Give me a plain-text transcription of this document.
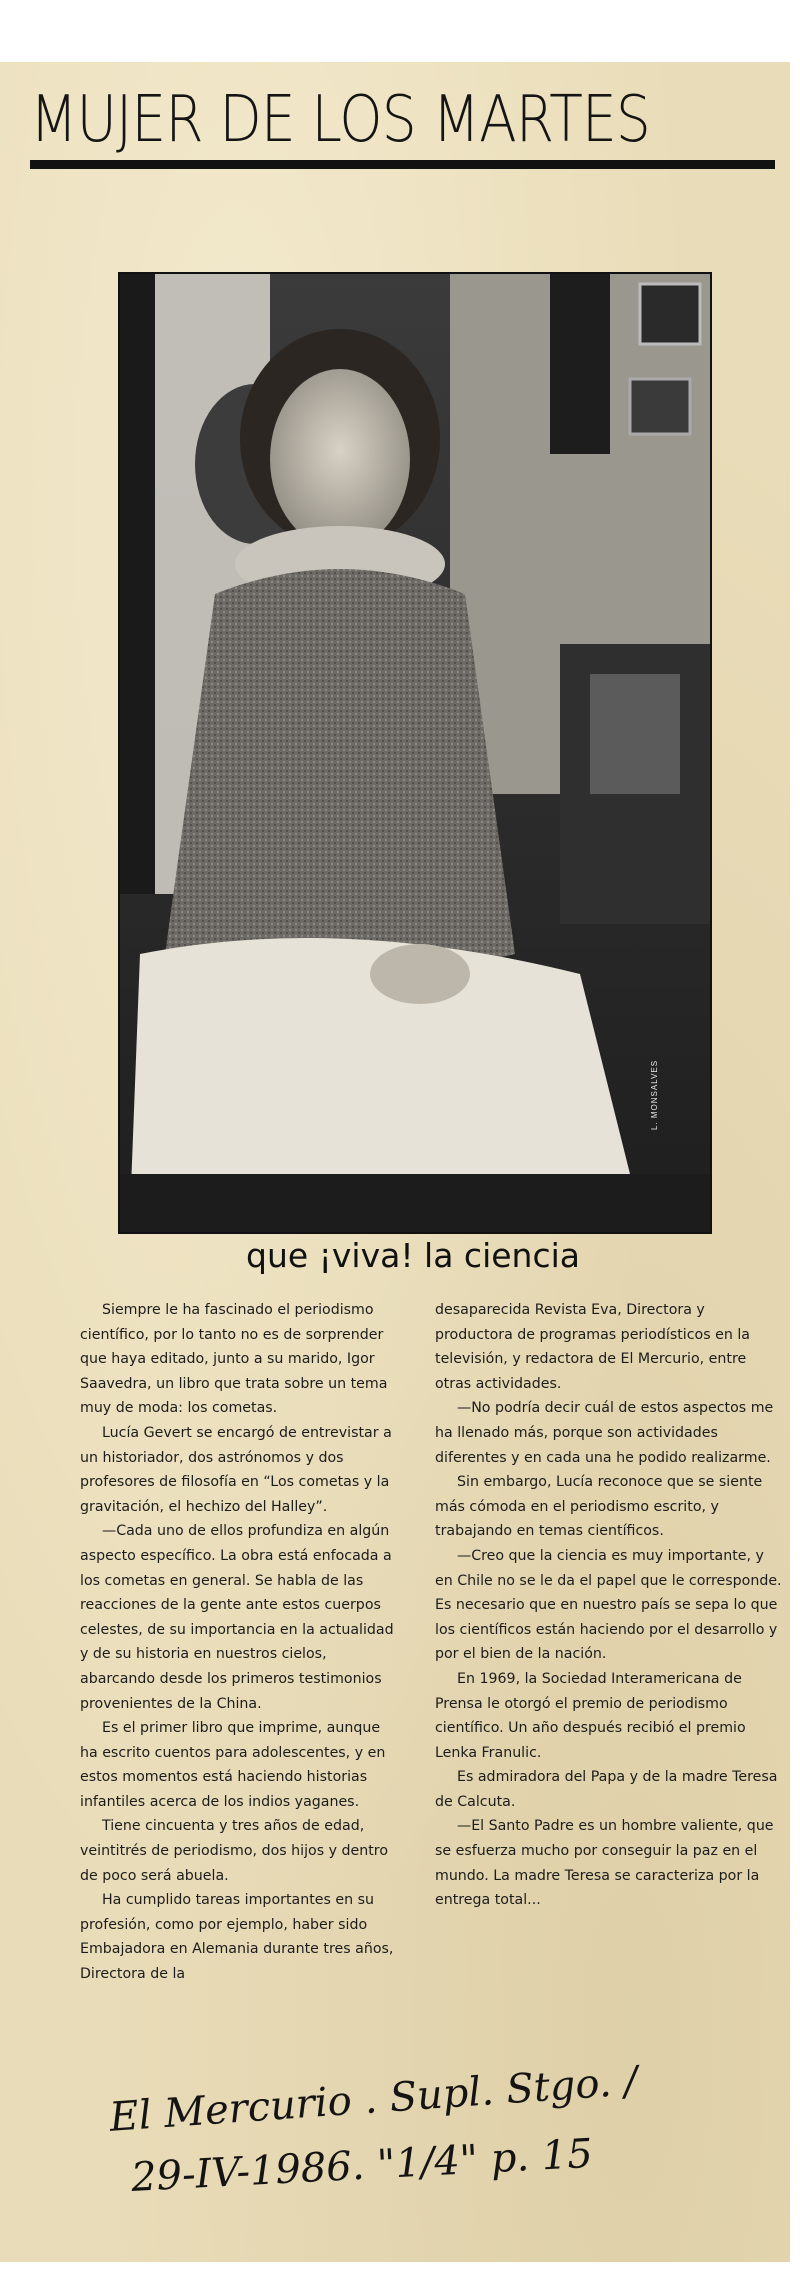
MUJER DE LOS MARTES
L. MONSALVES
que ¡viva! la ciencia

Siempre le ha fascinado el periodismo científico, por lo tanto no es de sorprender que haya editado, junto a su marido, Igor Saavedra, un libro que trata sobre un tema muy de moda: los cometas.

Lucía Gevert se encargó de entrevistar a un historiador, dos astrónomos y dos profesores de filosofía en “Los cometas y la gravitación, el hechizo del Halley”.

—Cada uno de ellos profundiza en algún aspecto específico. La obra está enfocada a los cometas en general. Se habla de las reacciones de la gente ante estos cuerpos celestes, de su importancia en la actualidad y de su historia en nuestros cielos, abarcando desde los primeros testimonios provenientes de la China.

Es el primer libro que imprime, aunque ha escrito cuentos para adolescentes, y en estos momentos está haciendo historias infantiles acerca de los indios yaganes.

Tiene cincuenta y tres años de edad, veintitrés de periodismo, dos hijos y dentro de poco será abuela.

Ha cumplido tareas importantes en su profesión, como por ejemplo, haber sido Embajadora en Alemania durante tres años, Directora de la

desaparecida Revista Eva, Directora y productora de programas periodísticos en la televisión, y redactora de El Mercurio, entre otras actividades.

—No podría decir cuál de estos aspectos me ha llenado más, porque son actividades diferentes y en cada una he podido realizarme.

Sin embargo, Lucía reconoce que se siente más cómoda en el periodismo escrito, y trabajando en temas científicos.

—Creo que la ciencia es muy importante, y en Chile no se le da el papel que le corresponde. Es necesario que en nuestro país se sepa lo que los científicos están haciendo por el desarrollo y por el bien de la nación.

En 1969, la Sociedad Interamericana de Prensa le otorgó el premio de periodismo científico. Un año después recibió el premio Lenka Franulic.

Es admiradora del Papa y de la madre Teresa de Calcuta.

—El Santo Padre es un hombre valiente, que se esfuerza mucho por conseguir la paz en el mundo. La madre Teresa se caracteriza por la entrega total...

El Mercurio . Supl. Stgo. /
29-IV-1986. "1/4" p. 15
